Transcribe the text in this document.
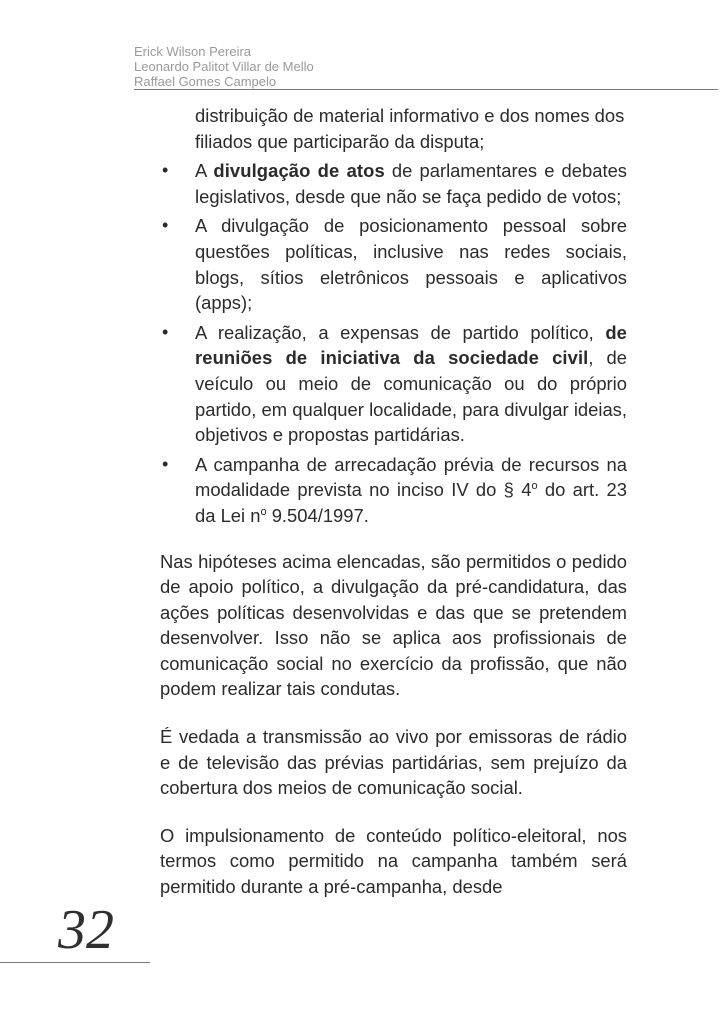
Erick Wilson Pereira
Leonardo Palitot Villar de Mello
Raffael Gomes Campelo

distribuição de material informativo e dos nomes dos filiados que participarão da disputa;

• A divulgação de atos de parlamentares e debates legislativos, desde que não se faça pedido de votos;
• A divulgação de posicionamento pessoal sobre questões políticas, inclusive nas redes sociais, blogs, sítios eletrônicos pessoais e aplicativos (apps);
• A realização, a expensas de partido político, de reuniões de iniciativa da sociedade civil, de veículo ou meio de comunicação ou do próprio partido, em qualquer localidade, para divulgar ideias, objetivos e propostas partidárias.
• A campanha de arrecadação prévia de recursos na modalidade prevista no inciso IV do § 4$^o$ do art. 23 da Lei $n^o$ 9.504/1997.

Nas hipóteses acima elencadas, são permitidos o pedido de apoio político, a divulgação da pré-candidatura, das ações políticas desenvolvidas e das que se pretendem desenvolver. Isso não se aplica aos profissionais de comunicação social no exercício da profissão, que não podem realizar tais condutas.

É vedada a transmissão ao vivo por emissoras de rádio e de televisão das prévias partidárias, sem prejuízo da cobertura dos meios de comunicação social.

O impulsionamento de conteúdo político-eleitoral, nos termos como permitido na campanha também será permitido durante a pré-campanha, desde

32
